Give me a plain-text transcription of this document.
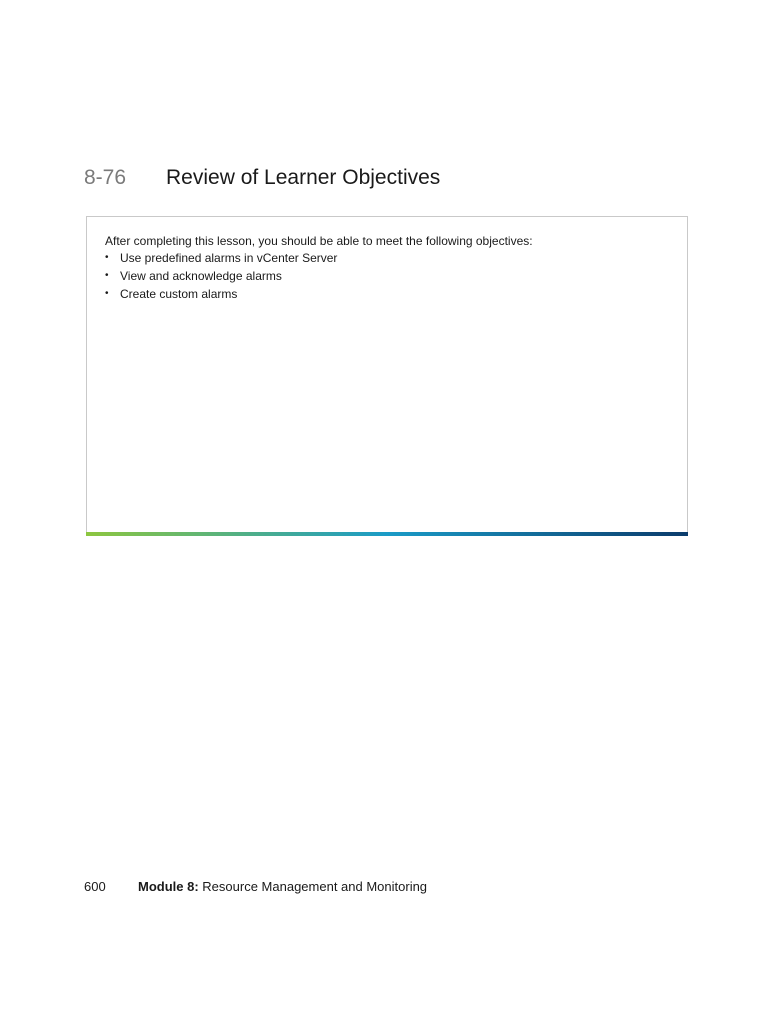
8-76 Review of Learner Objectives

After completing this lesson, you should be able to meet the following objectives:

• Use predefined alarms in vCenter Server
• View and acknowledge alarms
• Create custom alarms
600 Module 8: Resource Management and Monitoring
